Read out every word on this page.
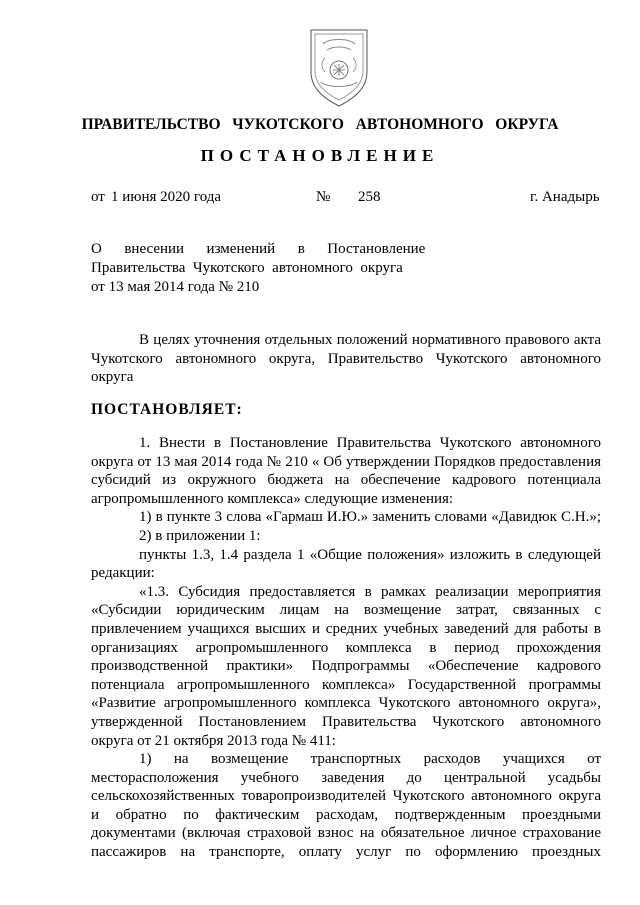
ПРАВИТЕЛЬСТВО  ЧУКОТСКОГО  АВТОНОМНОГО  ОКРУГА
ПОСТАНОВЛЕНИЕ
от 1 июня 2020 года	№	258	г. Анадырь
О      внесении      изменений      в      Постановление
Правительства  Чукотского  автономного  округа
от 13 мая 2014 года № 210
В целях уточнения отдельных положений нормативного правового акта
Чукотского автономного округа, Правительство Чукотского автономного
округа
ПОСТАНОВЛЯЕТ:
1. Внести в Постановление Правительства Чукотского автономного
округа от 13 мая 2014 года № 210 « Об утверждении Порядков предоставления
субсидий из окружного бюджета на обеспечение кадрового потенциала
агропромышленного комплекса» следующие изменения:
1) в пункте 3 слова «Гармаш И.Ю.» заменить словами «Давидюк С.Н.»;
2) в приложении 1:
пункты 1.3, 1.4 раздела 1 «Общие положения» изложить в следующей
редакции:
«1.3. Субсидия предоставляется в рамках реализации мероприятия
«Субсидии юридическим лицам на возмещение затрат, связанных с
привлечением учащихся высших и средних учебных заведений для работы в
организациях агропромышленного комплекса в период прохождения
производственной практики» Подпрограммы «Обеспечение кадрового
потенциала агропромышленного комплекса» Государственной программы
«Развитие агропромышленного комплекса Чукотского автономного округа»,
утвержденной Постановлением Правительства Чукотского автономного
округа от 21 октября 2013 года № 411:
1) на возмещение транспортных расходов учащихся от
месторасположения учебного заведения до центральной усадьбы
сельскохозяйственных товаропроизводителей Чукотского автономного округа
и обратно по фактическим расходам, подтвержденным проездными
документами (включая страховой взнос на обязательное личное страхование
пассажиров на транспорте, оплату услуг по оформлению проездных
